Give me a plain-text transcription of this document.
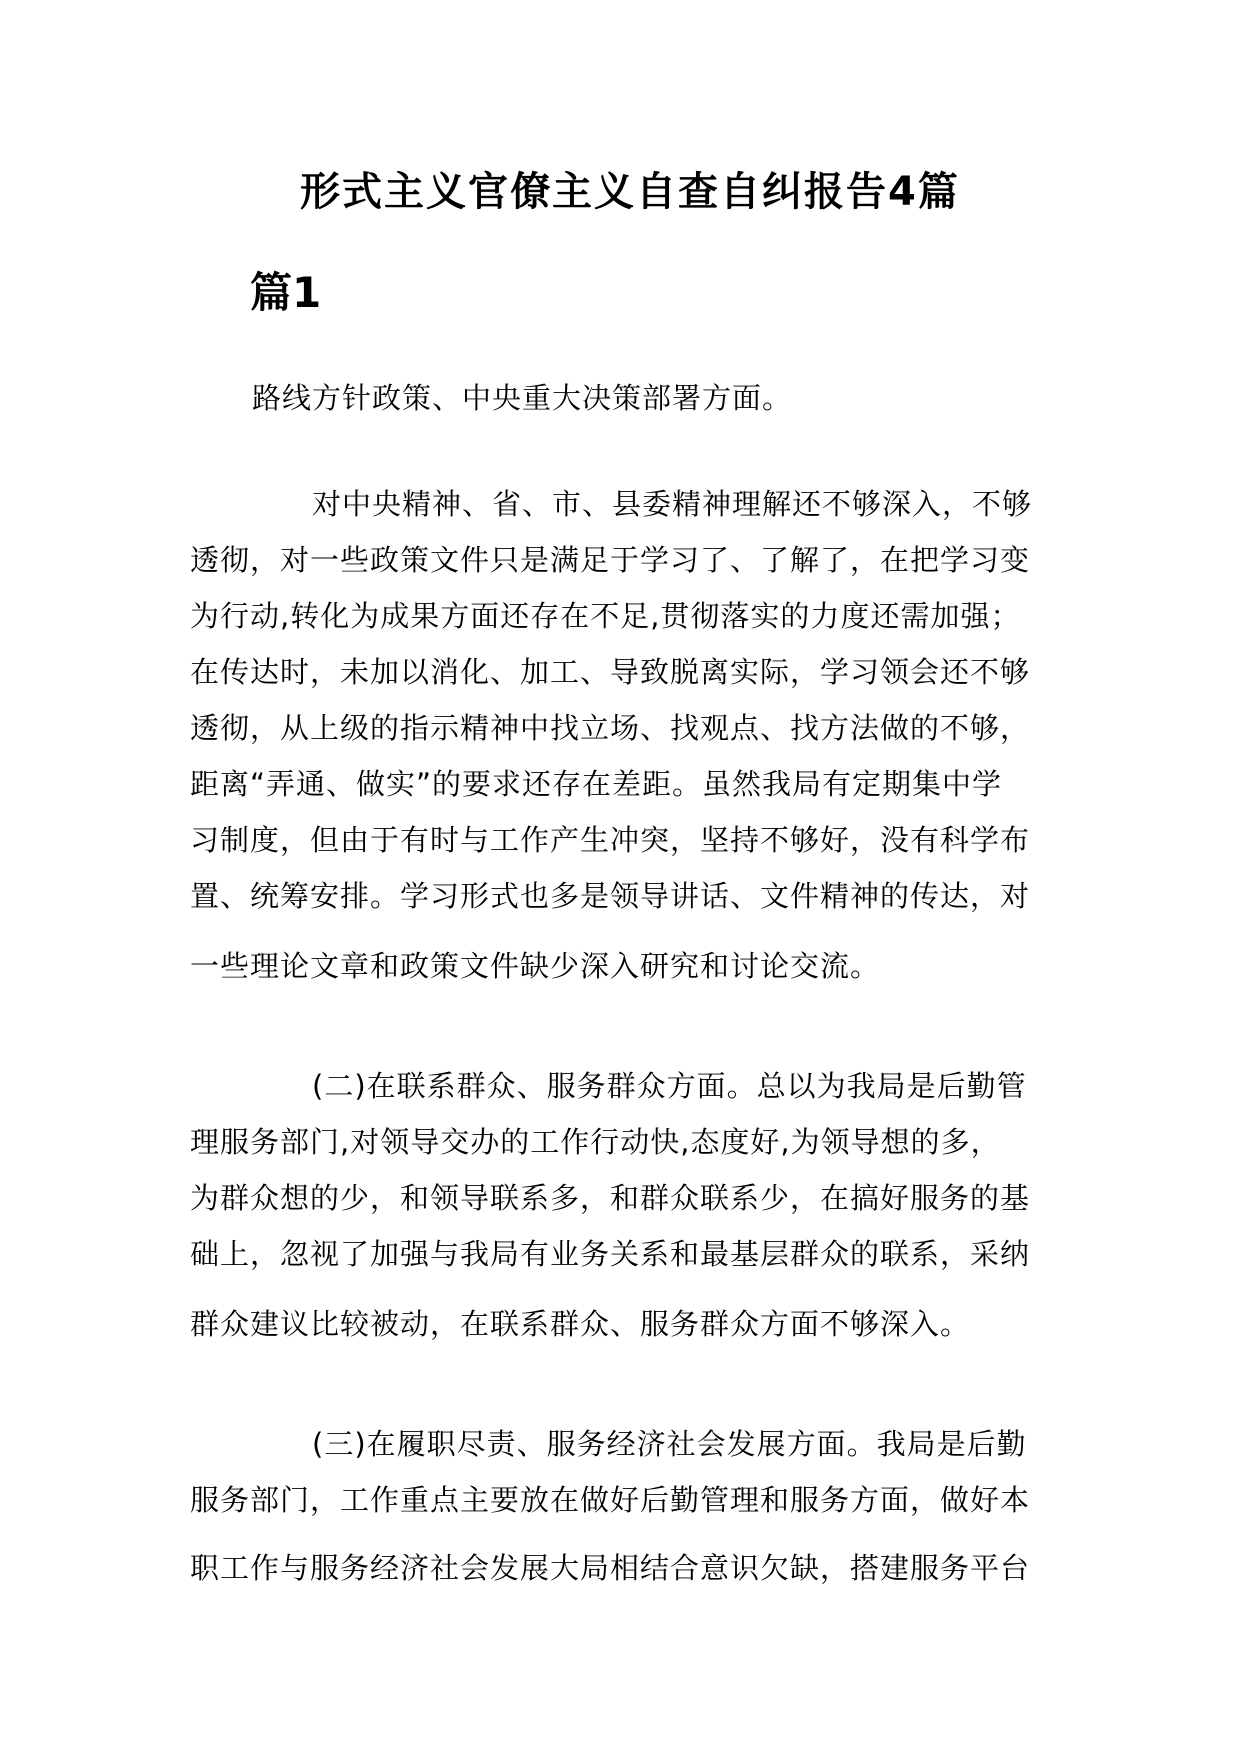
形式主义官僚主义自查自纠报告4篇
篇1
路线方针政策、中央重大决策部署方面。
对中央精神、省、市、县委精神理解还不够深入，不够
透彻，对一些政策文件只是满足于学习了、了解了，在把学习变
为行动,转化为成果方面还存在不足,贯彻落实的力度还需加强；
在传达时，未加以消化、加工、导致脱离实际，学习领会还不够
透彻，从上级的指示精神中找立场、找观点、找方法做的不够，
距离“弄通、做实”的要求还存在差距。虽然我局有定期集中学
习制度，但由于有时与工作产生冲突，坚持不够好，没有科学布
置、统筹安排。学习形式也多是领导讲话、文件精神的传达，对
一些理论文章和政策文件缺少深入研究和讨论交流。
(二)在联系群众、服务群众方面。总以为我局是后勤管
理服务部门,对领导交办的工作行动快,态度好,为领导想的多，
为群众想的少，和领导联系多，和群众联系少，在搞好服务的基
础上，忽视了加强与我局有业务关系和最基层群众的联系，采纳
群众建议比较被动，在联系群众、服务群众方面不够深入。
(三)在履职尽责、服务经济社会发展方面。我局是后勤
服务部门，工作重点主要放在做好后勤管理和服务方面，做好本
职工作与服务经济社会发展大局相结合意识欠缺，搭建服务平台
